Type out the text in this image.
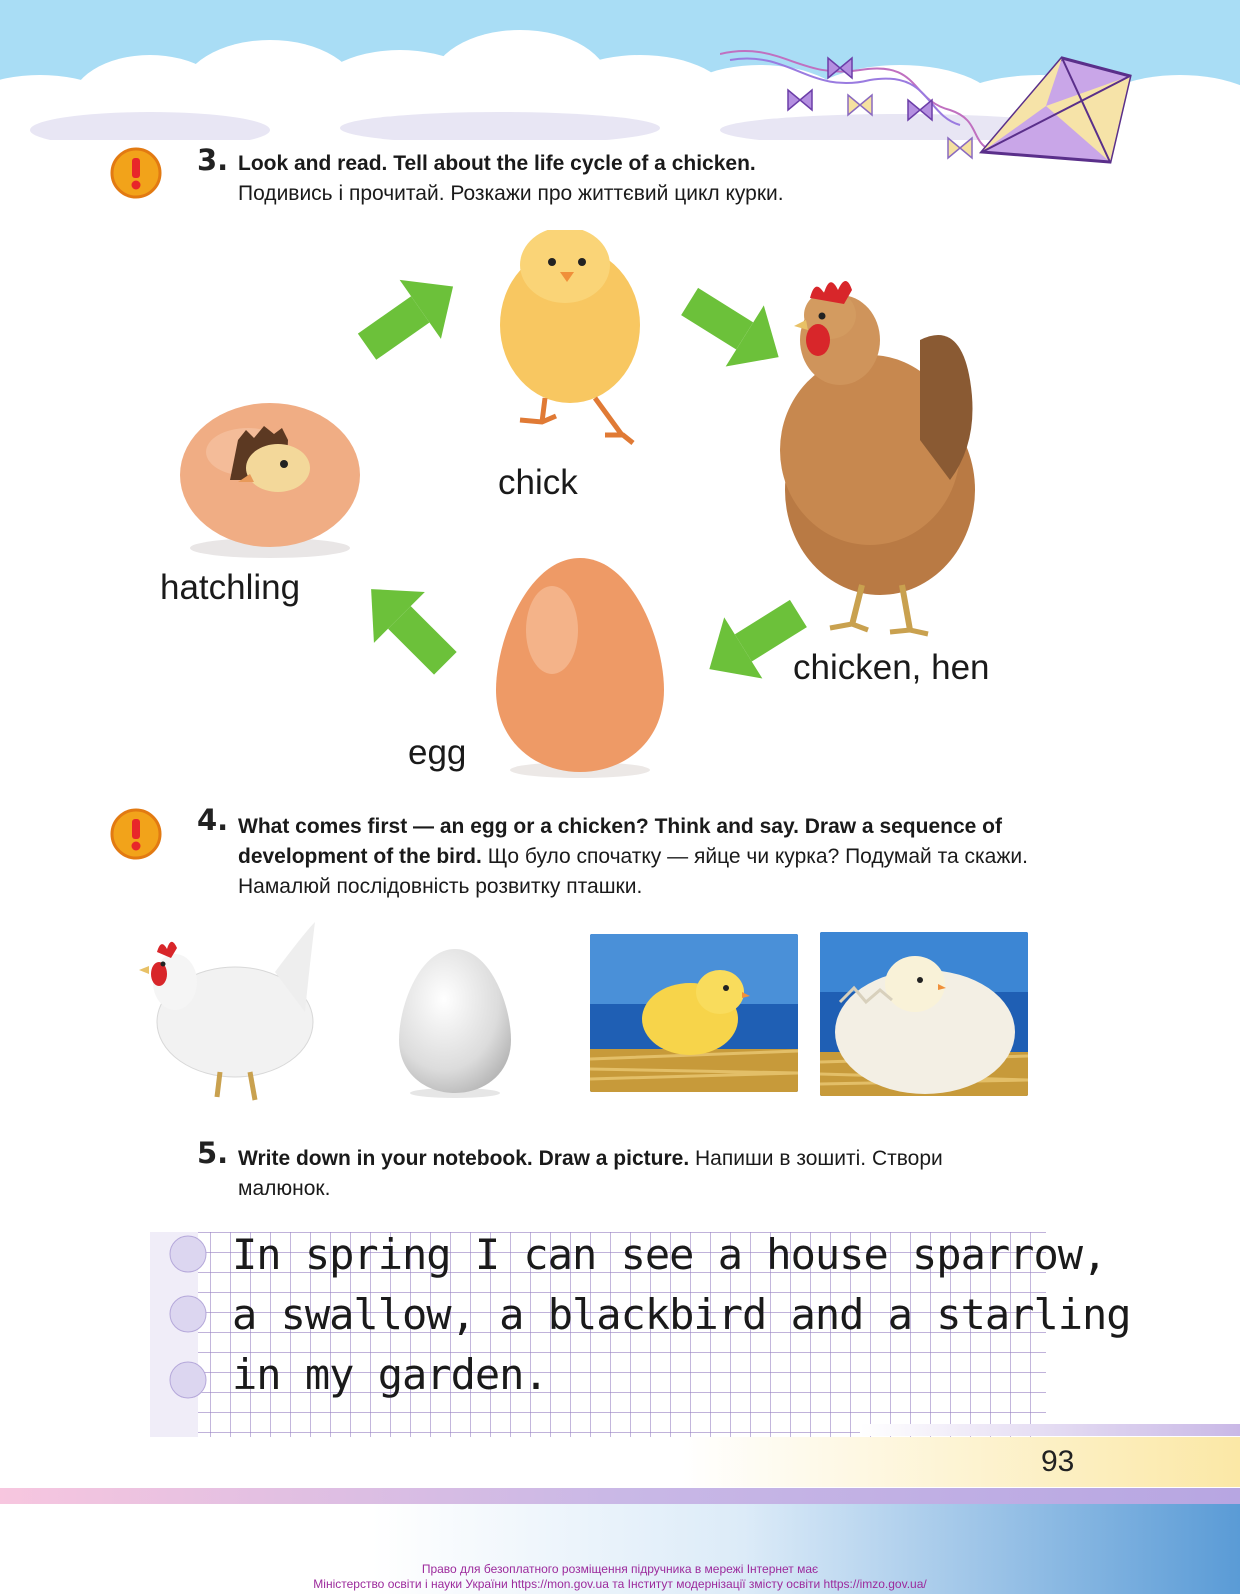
3. Look and read. Tell about the life cycle of a chicken.
Подивись і прочитай. Розкажи про життєвий цикл курки.
chick
hatchling
chicken, hen
egg
4. What comes first — an egg or a chicken? Think and say. Draw a sequence of development of the bird. Що було спочатку — яйце чи курка? Подумай та скажи. Намалюй послідовність розвитку пташки.
5. Write down in your notebook. Draw a picture. Напиши в зошиті. Створи малюнок.
In spring I can see a house sparrow,
a swallow, a blackbird and a starling
in my garden.
93
Право для безоплатного розміщення підручника в мережі Інтернет має
Міністерство освіти і науки України https://mon.gov.ua та Інститут модернізації змісту освіти https://imzo.gov.ua/
